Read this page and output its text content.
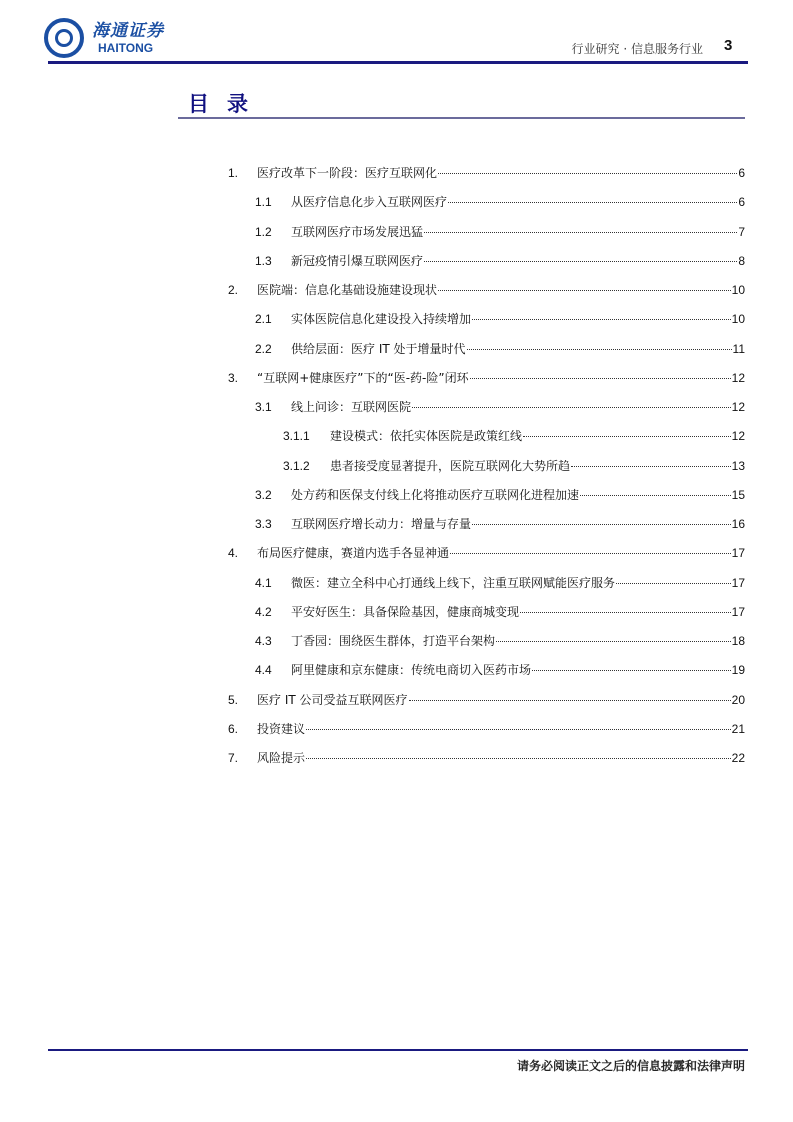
海通证券
HAITONG	行业研究 · 信息服务行业 3
目录
1.	医疗改革下一阶段：医疗互联网化	6
1.1	从医疗信息化步入互联网医疗	6
1.2	互联网医疗市场发展迅猛	7
1.3	新冠疫情引爆互联网医疗	8
2.	医院端：信息化基础设施建设现状	10
2.1	实体医院信息化建设投入持续增加	10
2.2	供给层面：医疗 IT 处于增量时代	11
3.	“互联网+健康医疗”下的“医-药-险”闭环	12
3.1	线上问诊：互联网医院	12
3.1.1	建设模式：依托实体医院是政策红线	12
3.1.2	患者接受度显著提升，医院互联网化大势所趋	13
3.2	处方药和医保支付线上化将推动医疗互联网化进程加速	15
3.3	互联网医疗增长动力：增量与存量	16
4.	布局医疗健康，赛道内选手各显神通	17
4.1	微医：建立全科中心打通线上线下，注重互联网赋能医疗服务	17
4.2	平安好医生：具备保险基因，健康商城变现	17
4.3	丁香园：围绕医生群体，打造平台架构	18
4.4	阿里健康和京东健康：传统电商切入医药市场	19
5.	医疗 IT 公司受益互联网医疗	20
6.	投资建议	21
7.	风险提示	22
请务必阅读正文之后的信息披露和法律声明
